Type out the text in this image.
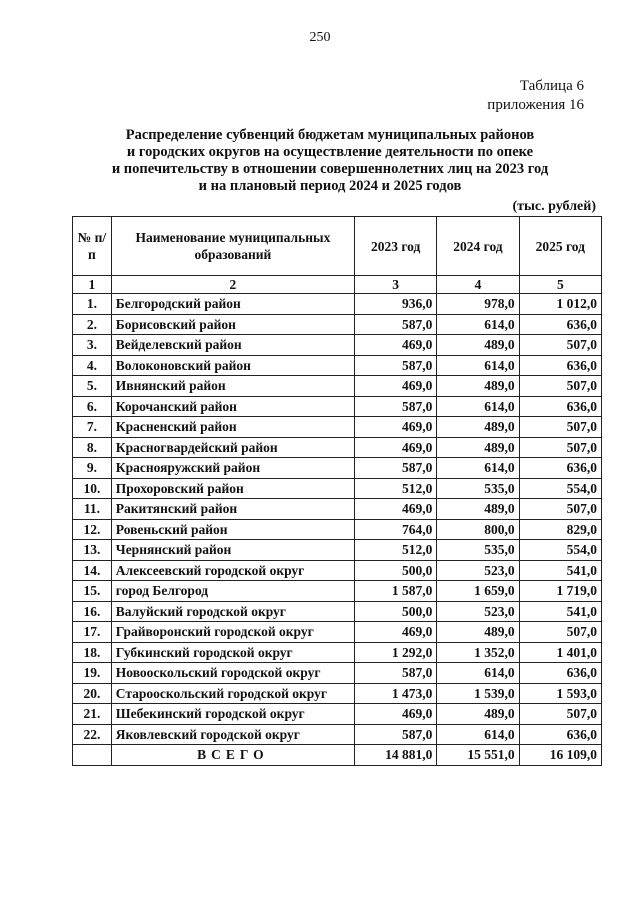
250
Таблица 6
приложения 16
Распределение субвенций бюджетам муниципальных районов
и городских округов на осуществление деятельности по опеке
и попечительству в отношении совершеннолетних лиц на 2023 год
и на плановый период 2024 и 2025 годов
(тыс. рублей)
№ п/п	Наименование муниципальных образований	2023 год	2024 год	2025 год
1	2	3	4	5
1.	Белгородский район	936,0	978,0	1 012,0
2.	Борисовский район	587,0	614,0	636,0
3.	Вейделевский район	469,0	489,0	507,0
4.	Волоконовский район	587,0	614,0	636,0
5.	Ивнянский район	469,0	489,0	507,0
6.	Корочанский район	587,0	614,0	636,0
7.	Красненский район	469,0	489,0	507,0
8.	Красногвардейский район	469,0	489,0	507,0
9.	Краснояружский район	587,0	614,0	636,0
10.	Прохоровский район	512,0	535,0	554,0
11.	Ракитянский район	469,0	489,0	507,0
12.	Ровеньский район	764,0	800,0	829,0
13.	Чернянский район	512,0	535,0	554,0
14.	Алексеевский городской округ	500,0	523,0	541,0
15.	город Белгород	1 587,0	1 659,0	1 719,0
16.	Валуйский городской округ	500,0	523,0	541,0
17.	Грайворонский городской округ	469,0	489,0	507,0
18.	Губкинский городской округ	1 292,0	1 352,0	1 401,0
19.	Новооскольский городской округ	587,0	614,0	636,0
20.	Старооскольский городской округ	1 473,0	1 539,0	1 593,0
21.	Шебекинский городской округ	469,0	489,0	507,0
22.	Яковлевский городской округ	587,0	614,0	636,0
	ВСЕГО	14 881,0	15 551,0	16 109,0
